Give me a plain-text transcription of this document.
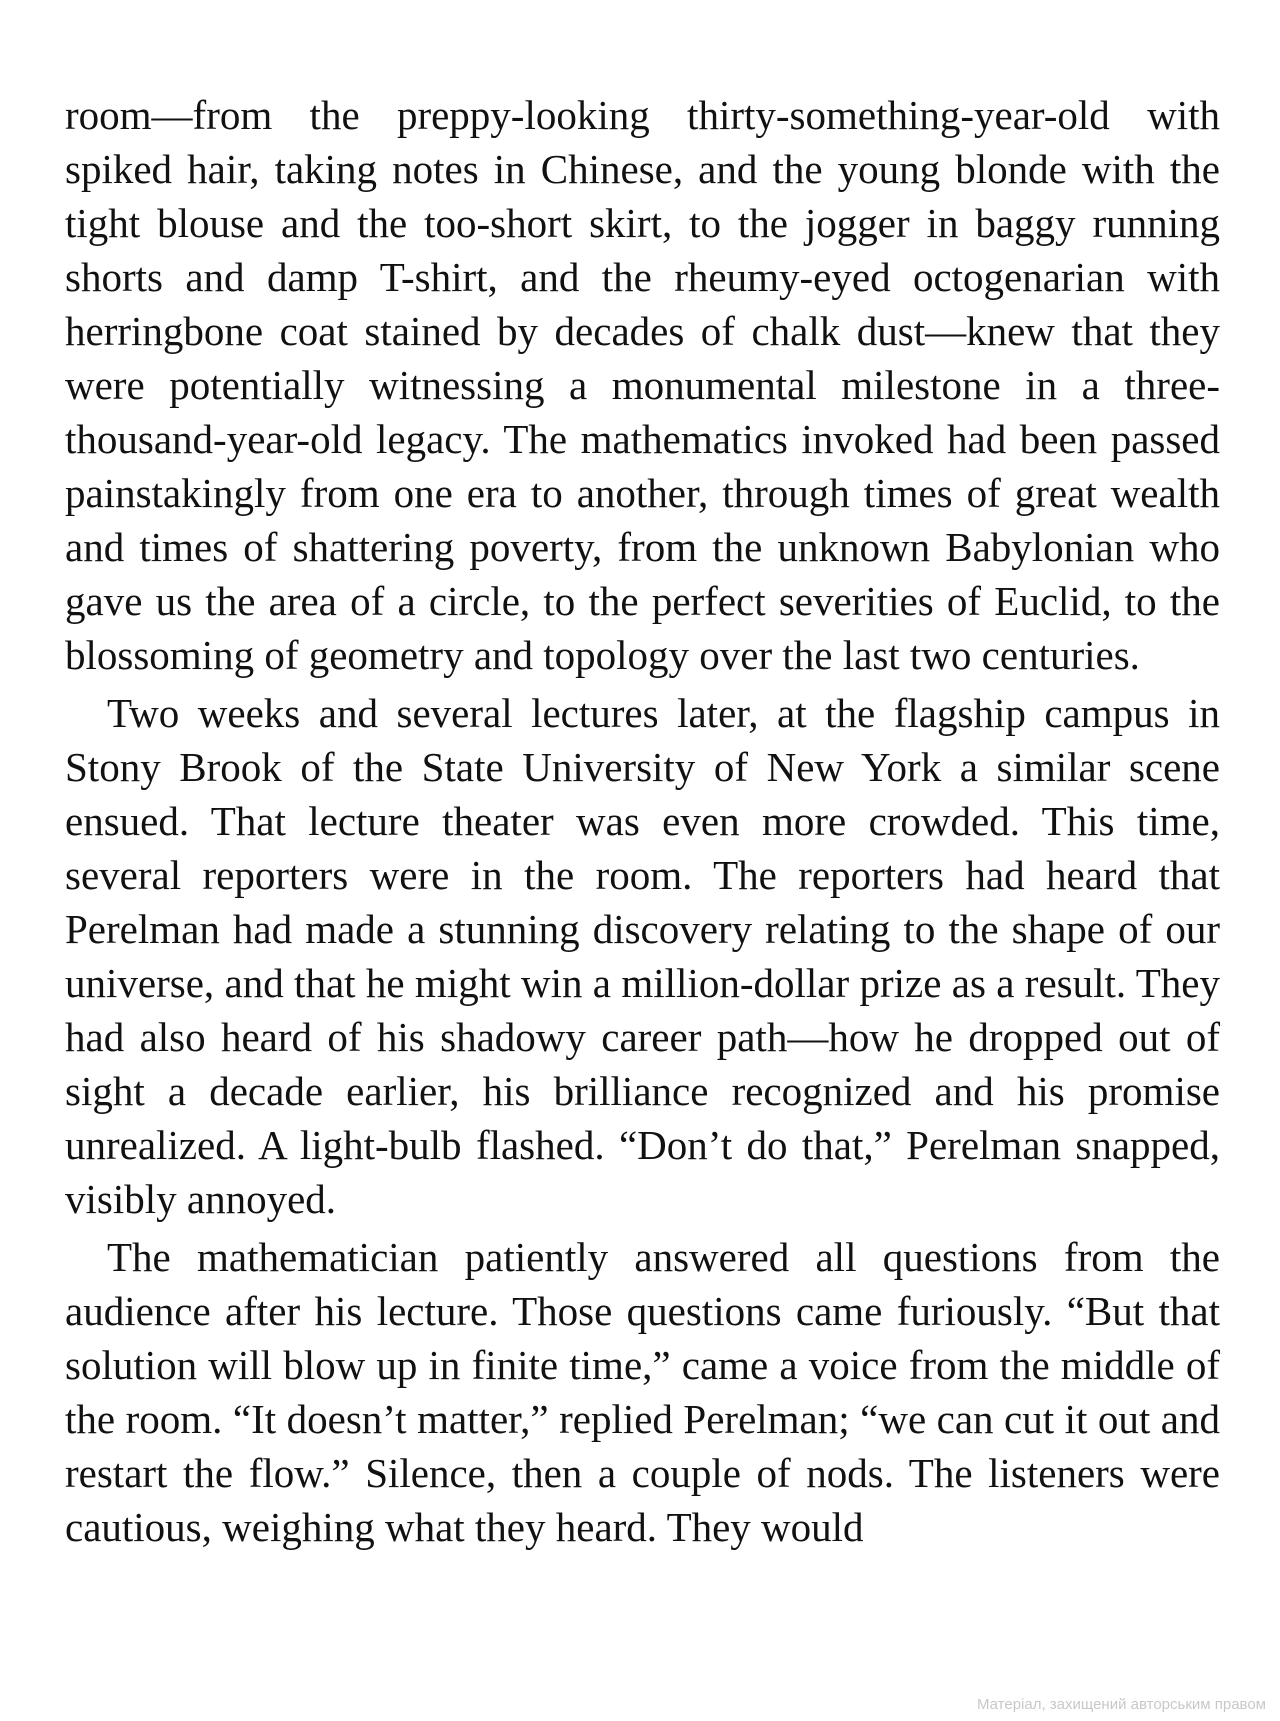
room—from the preppy-looking thirty-something-year-old with spiked hair, taking notes in Chinese, and the young blonde with the tight blouse and the too-short skirt, to the jogger in baggy running shorts and damp T-shirt, and the rheumy-eyed octogenarian with herringbone coat stained by decades of chalk dust—knew that they were potentially witnessing a monumental milestone in a three-thousand-year-old legacy. The mathematics invoked had been passed painstakingly from one era to another, through times of great wealth and times of shattering poverty, from the unknown Babylonian who gave us the area of a circle, to the perfect severities of Euclid, to the blossoming of geometry and topology over the last two centuries.

Two weeks and several lectures later, at the flagship campus in Stony Brook of the State University of New York a similar scene ensued. That lecture theater was even more crowded. This time, several reporters were in the room. The reporters had heard that Perelman had made a stunning discovery relating to the shape of our universe, and that he might win a million-dollar prize as a result. They had also heard of his shadowy career path—how he dropped out of sight a decade earlier, his brilliance recognized and his promise unrealized. A light-bulb flashed. “Don’t do that,” Perelman snapped, visibly annoyed.

The mathematician patiently answered all questions from the audience after his lecture. Those questions came furiously. “But that solution will blow up in finite time,” came a voice from the middle of the room. “It doesn’t matter,” replied Perelman; “we can cut it out and restart the flow.” Silence, then a couple of nods. The listeners were cautious, weighing what they heard. They would

Матеріал, захищений авторським правом
